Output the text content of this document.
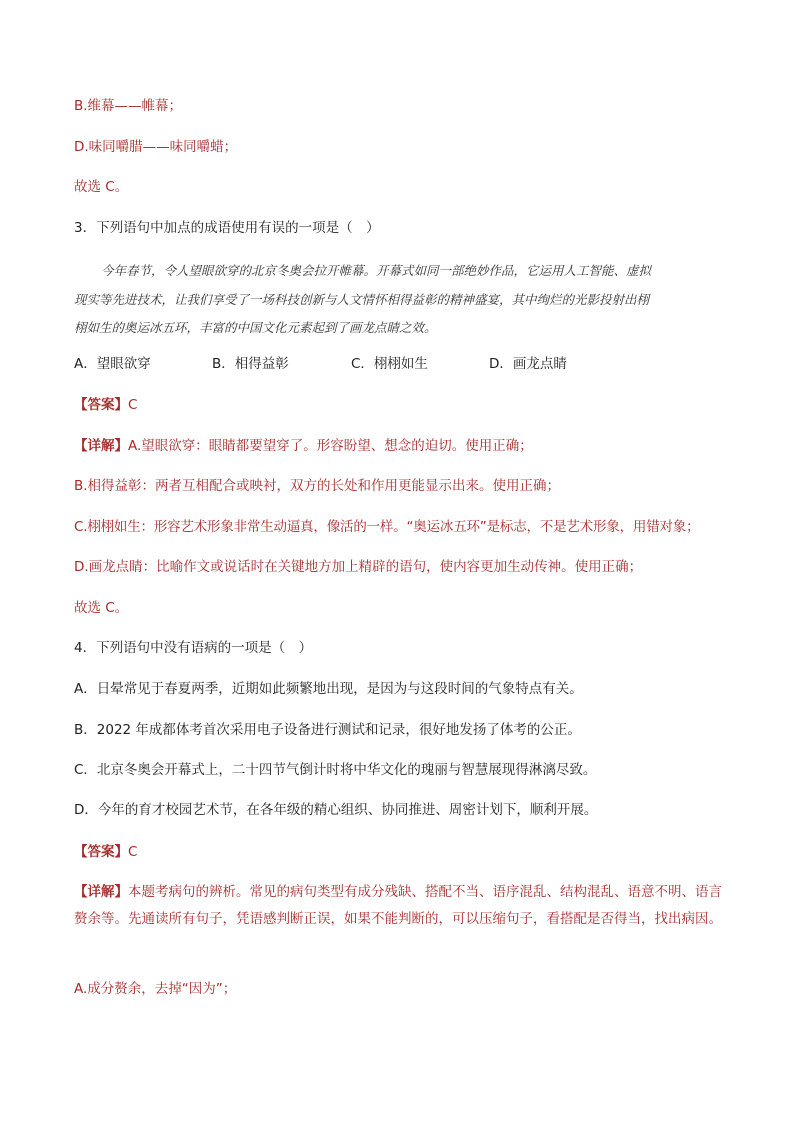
B.维幕——帷幕；

D.味同嚼腊——味同嚼蜡；

故选 C。

3．下列语句中加点的成语使用有误的一项是（　）

今年春节，令人望眼欲穿的北京冬奥会拉开帷幕。开幕式如同一部绝妙作品，它运用人工智能、虚拟
现实等先进技术，让我们享受了一场科技创新与人文情怀相得益彰的精神盛宴，其中绚烂的光影投射出栩
栩如生的奥运冰五环，丰富的中国文化元素起到了画龙点睛之效。

A．望眼欲穿	B．相得益彰	C．栩栩如生	D．画龙点睛

【答案】C

【详解】A.望眼欲穿：眼睛都要望穿了。形容盼望、想念的迫切。使用正确；

B.相得益彰：两者互相配合或映衬，双方的长处和作用更能显示出来。使用正确；

C.栩栩如生：形容艺术形象非常生动逼真，像活的一样。“奥运冰五环”是标志，不是艺术形象，用错对象；

D.画龙点睛：比喻作文或说话时在关键地方加上精辟的语句，使内容更加生动传神。使用正确；

故选 C。

4．下列语句中没有语病的一项是（　）

A．日晕常见于春夏两季，近期如此频繁地出现，是因为与这段时间的气象特点有关。

B．2022 年成都体考首次采用电子设备进行测试和记录，很好地发扬了体考的公正。

C．北京冬奥会开幕式上，二十四节气倒计时将中华文化的瑰丽与智慧展现得淋漓尽致。

D．今年的育才校园艺术节，在各年级的精心组织、协同推进、周密计划下，顺利开展。

【答案】C

【详解】本题考病句的辨析。常见的病句类型有成分残缺、搭配不当、语序混乱、结构混乱、语意不明、语言赘余等。先通读所有句子，凭语感判断正误，如果不能判断的，可以压缩句子，看搭配是否得当，找出病因。

A.成分赘余，去掉“因为”；
